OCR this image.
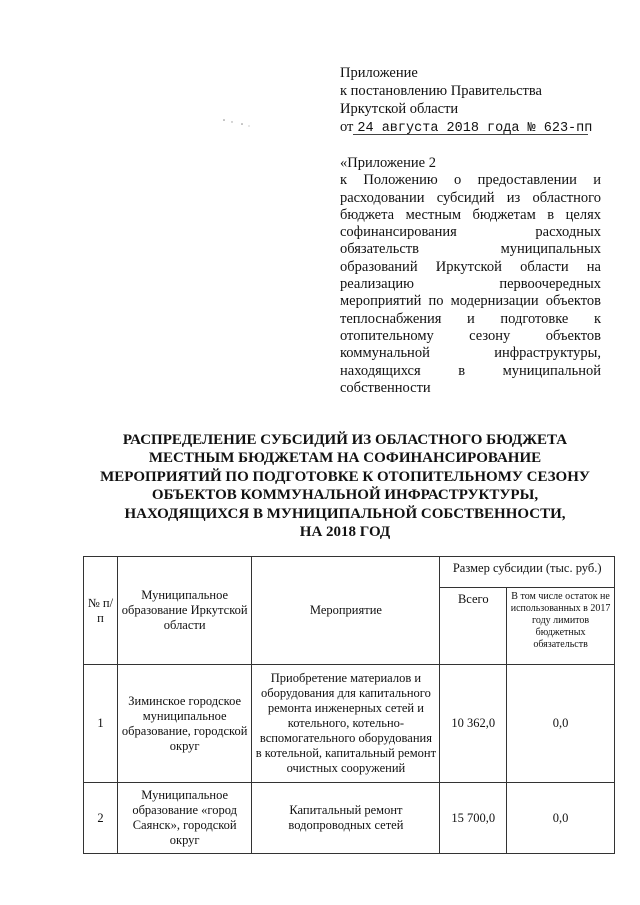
Приложение
к постановлению Правительства
Иркутской области
от 24 августа 2018 года № 623-пп
«Приложение 2
к Положению о предоставлении и расходовании субсидий из областного бюджета местным бюджетам в целях софинансирования расходных обязательств муниципальных образований Иркутской области на реализацию первоочередных мероприятий по модернизации объектов теплоснабжения и подготовке к отопительному сезону объектов коммунальной инфраструктуры, находящихся в муниципальной собственности
РАСПРЕДЕЛЕНИЕ СУБСИДИЙ ИЗ ОБЛАСТНОГО БЮДЖЕТА
МЕСТНЫМ БЮДЖЕТАМ НА СОФИНАНСИРОВАНИЕ
МЕРОПРИЯТИЙ ПО ПОДГОТОВКЕ К ОТОПИТЕЛЬНОМУ СЕЗОНУ
ОБЪЕКТОВ КОММУНАЛЬНОЙ ИНФРАСТРУКТУРЫ,
НАХОДЯЩИХСЯ В МУНИЦИПАЛЬНОЙ СОБСТВЕННОСТИ,
НА 2018 ГОД
№ п/п	Муниципальное образование Иркутской области	Мероприятие	Размер субсидии (тыс. руб.)	
			Всего	В том числе остаток не использованных в 2017 году лимитов бюджетных обязательств
1	Зиминское городское муниципальное образование, городской округ	Приобретение материалов и оборудования для капитального ремонта инженерных сетей и котельного, котельно-вспомогательного оборудования в котельной, капитальный ремонт очистных сооружений	10 362,0	0,0
2	Муниципальное образование «город Саянск», городской округ	Капитальный ремонт водопроводных сетей	15 700,0	0,0
